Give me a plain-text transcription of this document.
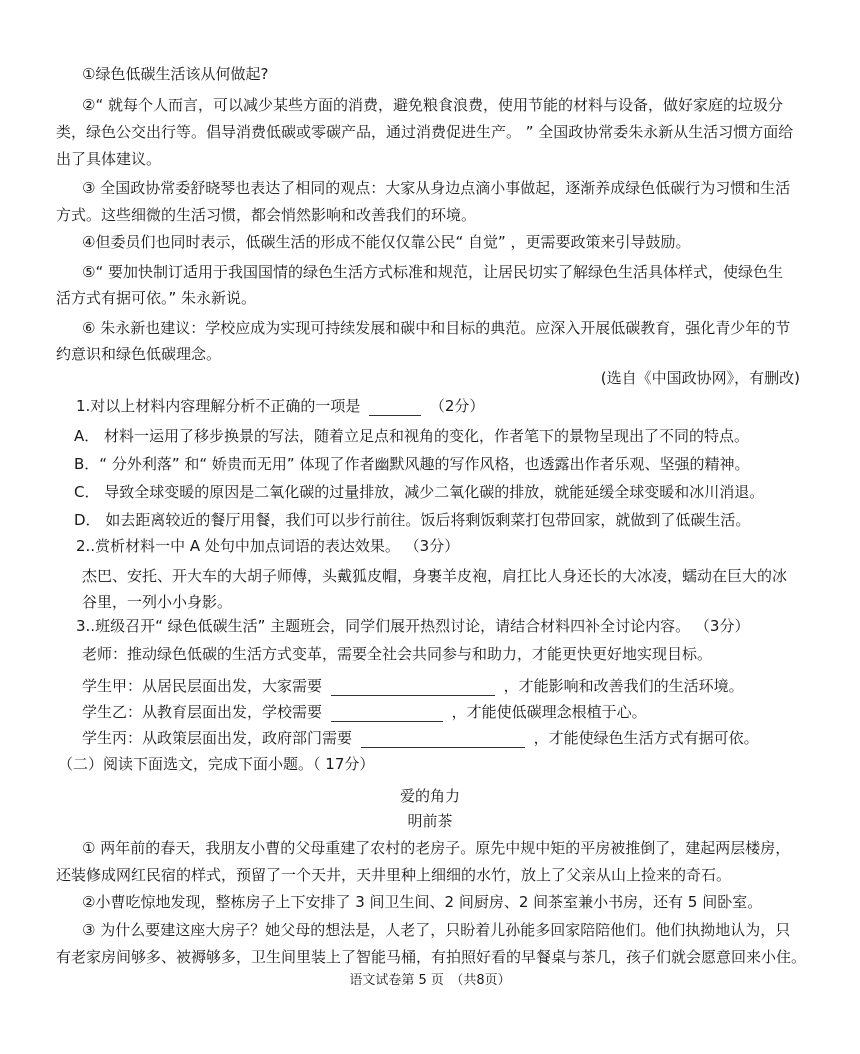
①绿色低碳生活该从何做起?
②“ 就每个人而言，可以减少某些方面的消费，避免粮食浪费，使用节能的材料与设备，做好家庭的垃圾分
类，绿色公交出行等。倡导消费低碳或零碳产品，通过消费促进生产。 ” 全国政协常委朱永新从生活习惯方面给
出了具体建议。
③ 全国政协常委舒晓琴也表达了相同的观点：大家从身边点滴小事做起，逐渐养成绿色低碳行为习惯和生活
方式。这些细微的生活习惯，都会悄然影响和改善我们的环境。
④但委员们也同时表示，低碳生活的形成不能仅仅靠公民“ 自觉” ，更需要政策来引导鼓励。
⑤“ 要加快制订适用于我国国情的绿色生活方式标准和规范，让居民切实了解绿色生活具体样式，使绿色生
活方式有据可依。” 朱永新说。
⑥ 朱永新也建议：学校应成为实现可持续发展和碳中和目标的典范。应深入开展低碳教育，强化青少年的节
约意识和绿色低碳理念。
(选自《中国政协网》，有删改)
1.对以上材料内容理解分析不正确的一项是	（2分）
A． 材料一运用了移步换景的写法，随着立足点和视角的变化，作者笔下的景物呈现出了不同的特点。
B．“ 分外利落” 和“ 娇贵而无用” 体现了作者幽默风趣的写作风格，也透露出作者乐观、坚强的精神。
C． 导致全球变暖的原因是二氧化碳的过量排放，减少二氧化碳的排放，就能延缓全球变暖和冰川消退。
D． 如去距离较近的餐厅用餐，我们可以步行前往。饭后将剩饭剩菜打包带回家，就做到了低碳生活。
2..赏析材料一中 A 处句中加点词语的表达效果。 （3分）
杰巴、安托、开大车的大胡子师傅，头戴狐皮帽，身裹羊皮袍，肩扛比人身还长的大冰凌，蠕动在巨大的冰
谷里，一列小小身影。
3..班级召开“ 绿色低碳生活” 主题班会，同学们展开热烈讨论，请结合材料四补全讨论内容。 （3分）
老师：推动绿色低碳的生活方式变革，需要全社会共同参与和助力，才能更快更好地实现目标。
学生甲：从居民层面出发，大家需要	，才能影响和改善我们的生活环境。
学生乙：从教育层面出发，学校需要	，才能使低碳理念根植于心。
学生丙：从政策层面出发，政府部门需要	，才能使绿色生活方式有据可依。
（二）阅读下面选文，完成下面小题。（ 17分）
爱的角力
明前茶
① 两年前的春天，我朋友小曹的父母重建了农村的老房子。原先中规中矩的平房被推倒了，建起两层楼房，
还装修成网红民宿的样式，预留了一个天井，天井里种上细细的水竹，放上了父亲从山上捡来的奇石。
②小曹吃惊地发现，整栋房子上下安排了 3 间卫生间、2 间厨房、2 间茶室兼小书房，还有 5 间卧室。
③ 为什么要建这座大房子？她父母的想法是，人老了，只盼着儿孙能多回家陪陪他们。他们执拗地认为，只
有老家房间够多、被褥够多，卫生间里装上了智能马桶，有拍照好看的早餐桌与茶几，孩子们就会愿意回来小住。
语文试卷第 5 页　（共8页）
